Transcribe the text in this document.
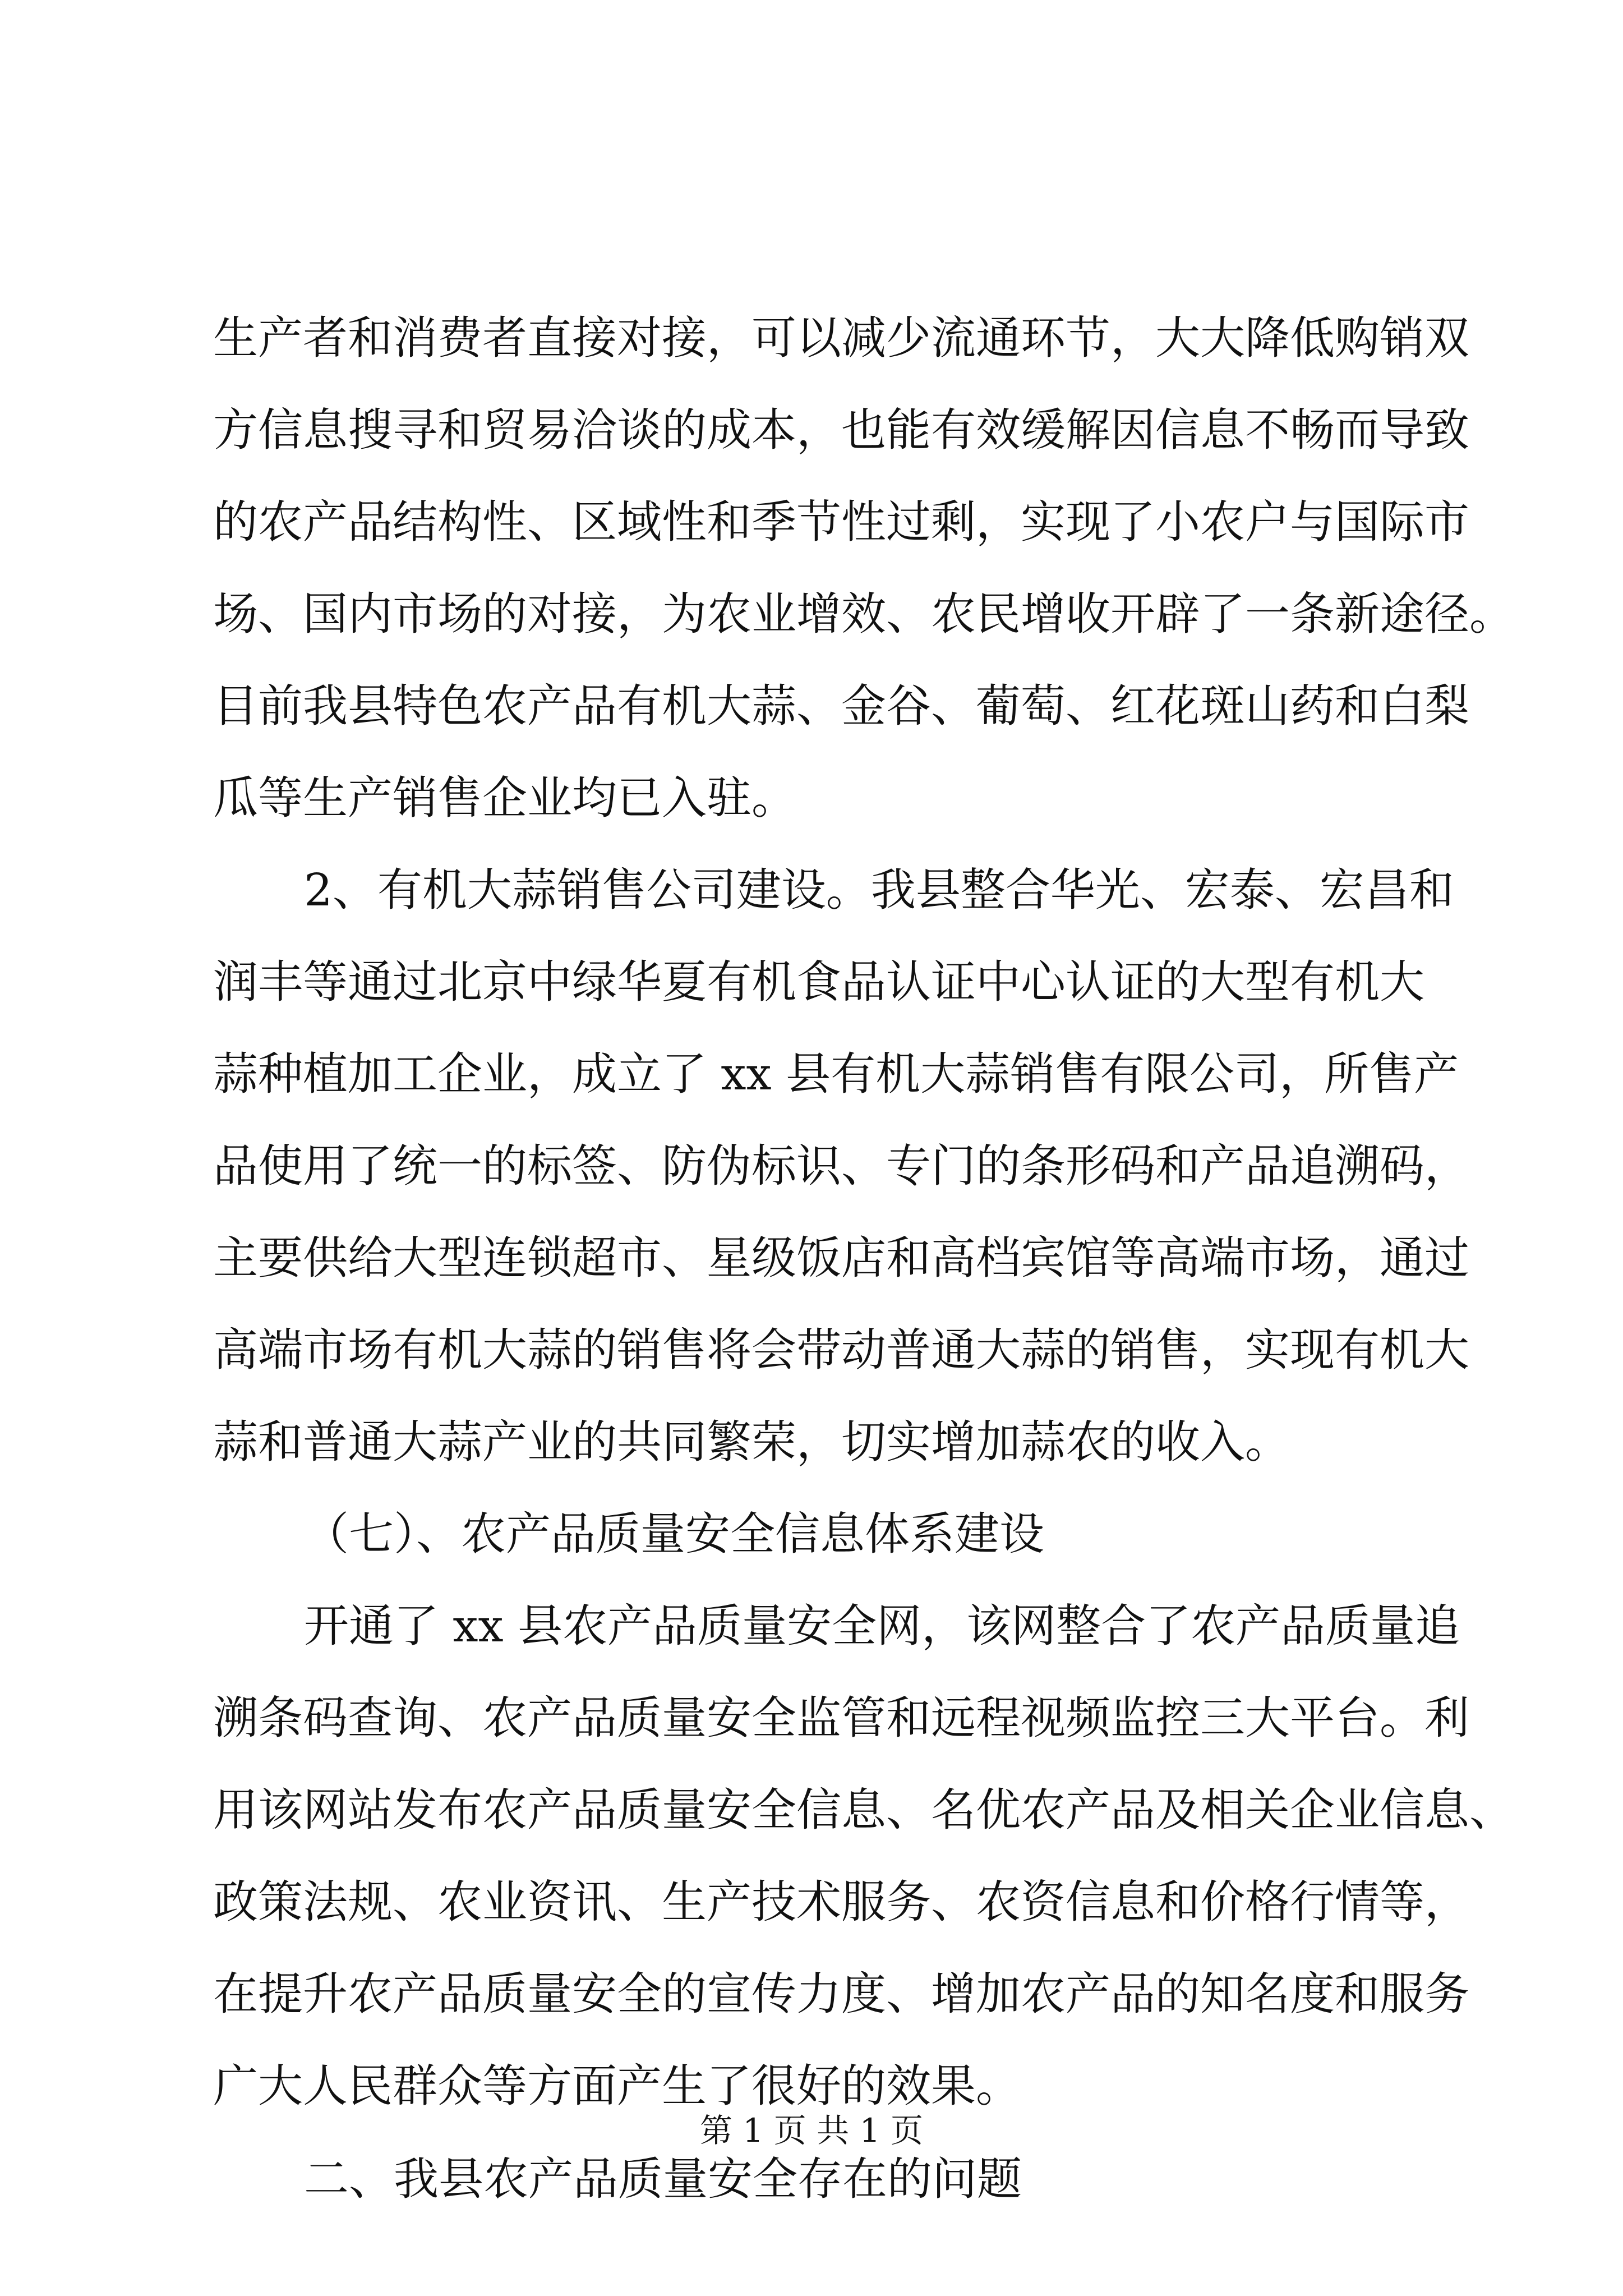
生产者和消费者直接对接，可以减少流通环节，大大降低购销双
方信息搜寻和贸易洽谈的成本，也能有效缓解因信息不畅而导致
的农产品结构性、区域性和季节性过剩，实现了小农户与国际市
场、国内市场的对接，为农业增效、农民增收开辟了一条新途径。
目前我县特色农产品有机大蒜、金谷、葡萄、红花斑山药和白梨
瓜等生产销售企业均已入驻。
2、有机大蒜销售公司建设。我县整合华光、宏泰、宏昌和
润丰等通过北京中绿华夏有机食品认证中心认证的大型有机大
蒜种植加工企业，成立了 xx 县有机大蒜销售有限公司，所售产
品使用了统一的标签、防伪标识、专门的条形码和产品追溯码，
主要供给大型连锁超市、星级饭店和高档宾馆等高端市场，通过
高端市场有机大蒜的销售将会带动普通大蒜的销售，实现有机大
蒜和普通大蒜产业的共同繁荣，切实增加蒜农的收入。
（七）、农产品质量安全信息体系建设
开通了 xx 县农产品质量安全网，该网整合了农产品质量追
溯条码查询、农产品质量安全监管和远程视频监控三大平台。利
用该网站发布农产品质量安全信息、名优农产品及相关企业信息、
政策法规、农业资讯、生产技术服务、农资信息和价格行情等，
在提升农产品质量安全的宣传力度、增加农产品的知名度和服务
广大人民群众等方面产生了很好的效果。
二、我县农产品质量安全存在的问题
第 1 页 共 1 页
